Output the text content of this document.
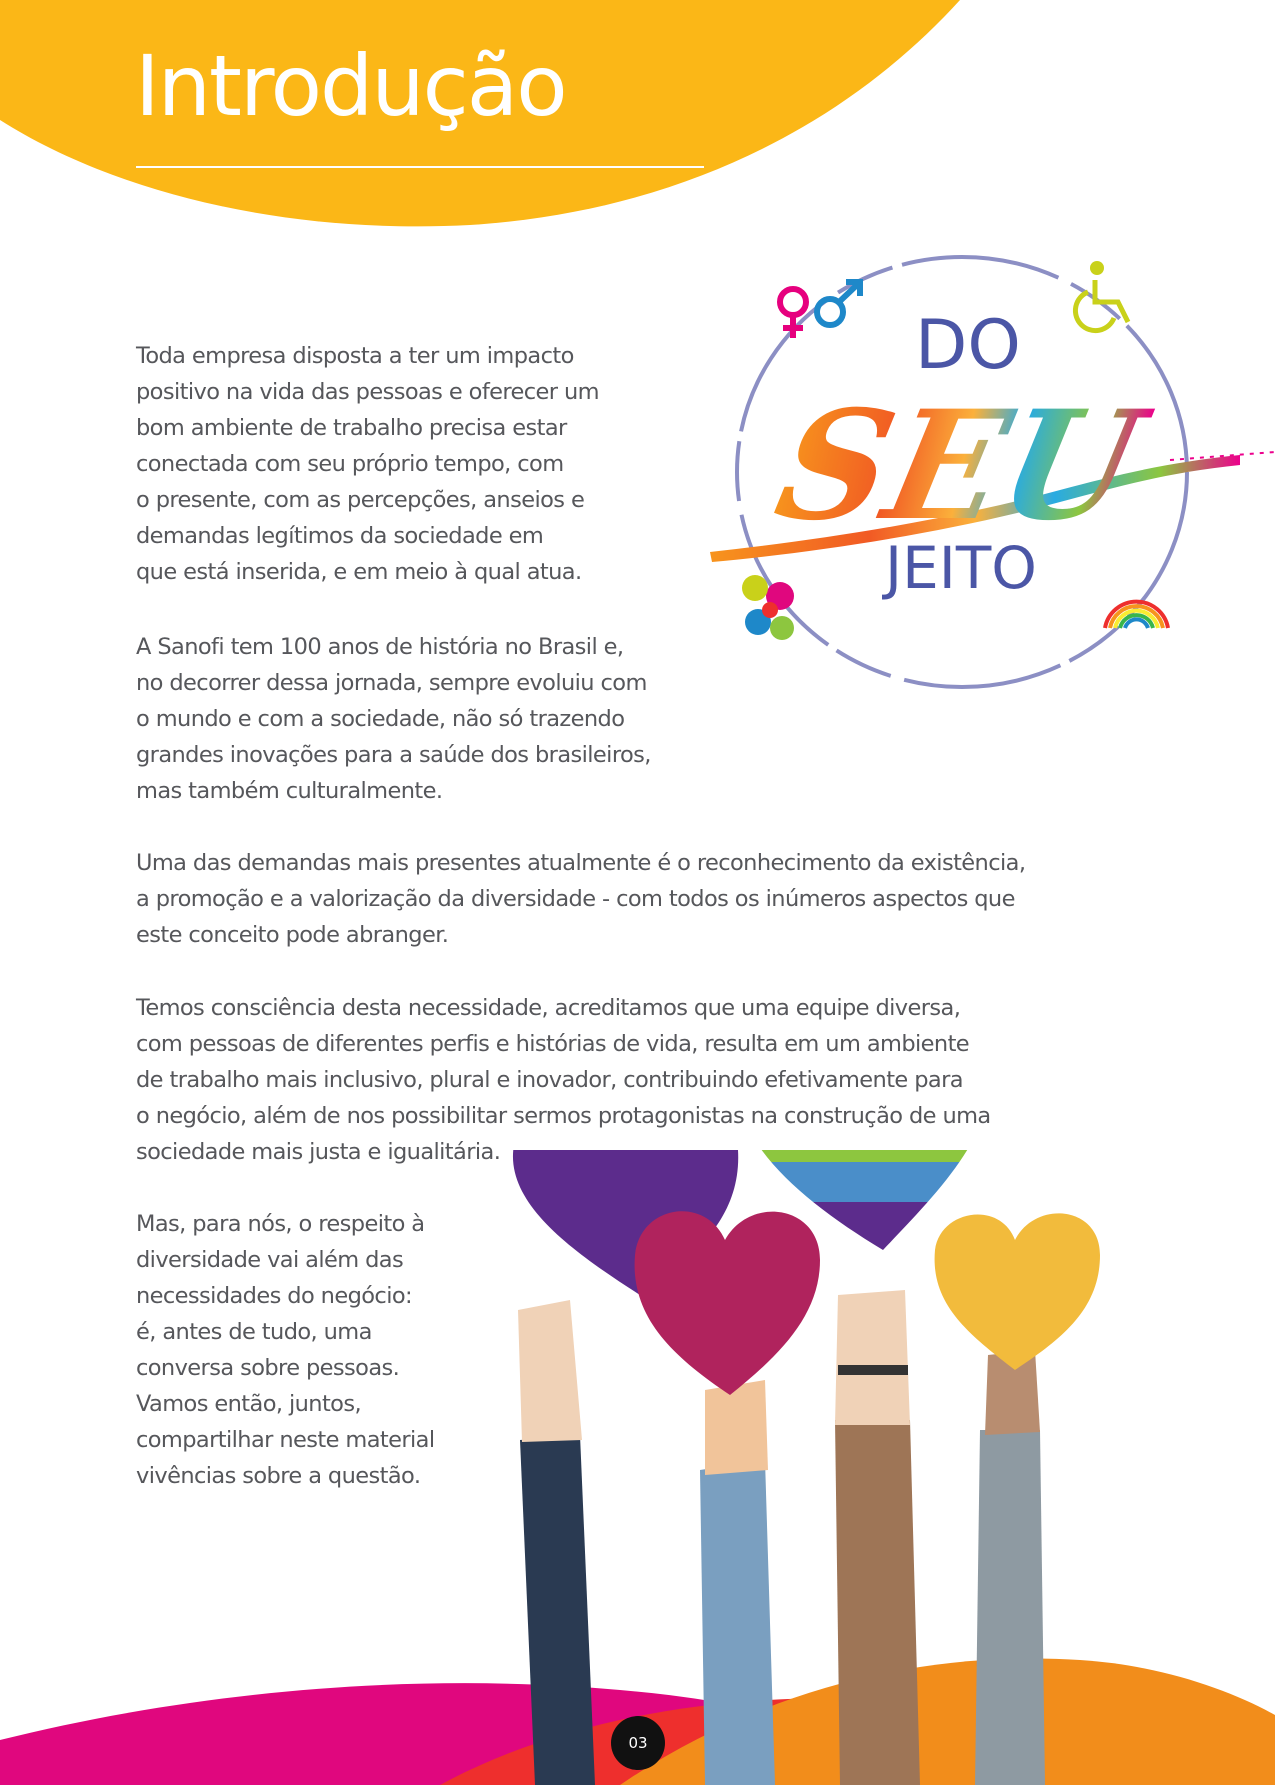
Introdução

Toda empresa disposta a ter um impacto
positivo na vida das pessoas e oferecer um
bom ambiente de trabalho precisa estar
conectada com seu próprio tempo, com
o presente, com as percepções, anseios e
demandas legítimos da sociedade em
que está inserida, e em meio à qual atua.

A Sanofi tem 100 anos de história no Brasil e,
no decorrer dessa jornada, sempre evoluiu com
o mundo e com a sociedade, não só trazendo
grandes inovações para a saúde dos brasileiros,
mas também culturalmente.

Uma das demandas mais presentes atualmente é o reconhecimento da existência,
a promoção e a valorização da diversidade - com todos os inúmeros aspectos que
este conceito pode abranger.

Temos consciência desta necessidade, acreditamos que uma equipe diversa,
com pessoas de diferentes perfis e histórias de vida, resulta em um ambiente
de trabalho mais inclusivo, plural e inovador, contribuindo efetivamente para
o negócio, além de nos possibilitar sermos protagonistas na construção de uma
sociedade mais justa e igualitária.

Mas, para nós, o respeito à
diversidade vai além das
necessidades do negócio:
é, antes de tudo, uma
conversa sobre pessoas.
Vamos então, juntos,
compartilhar neste material
vivências sobre a questão.

DO
SEU
JEITO
03
